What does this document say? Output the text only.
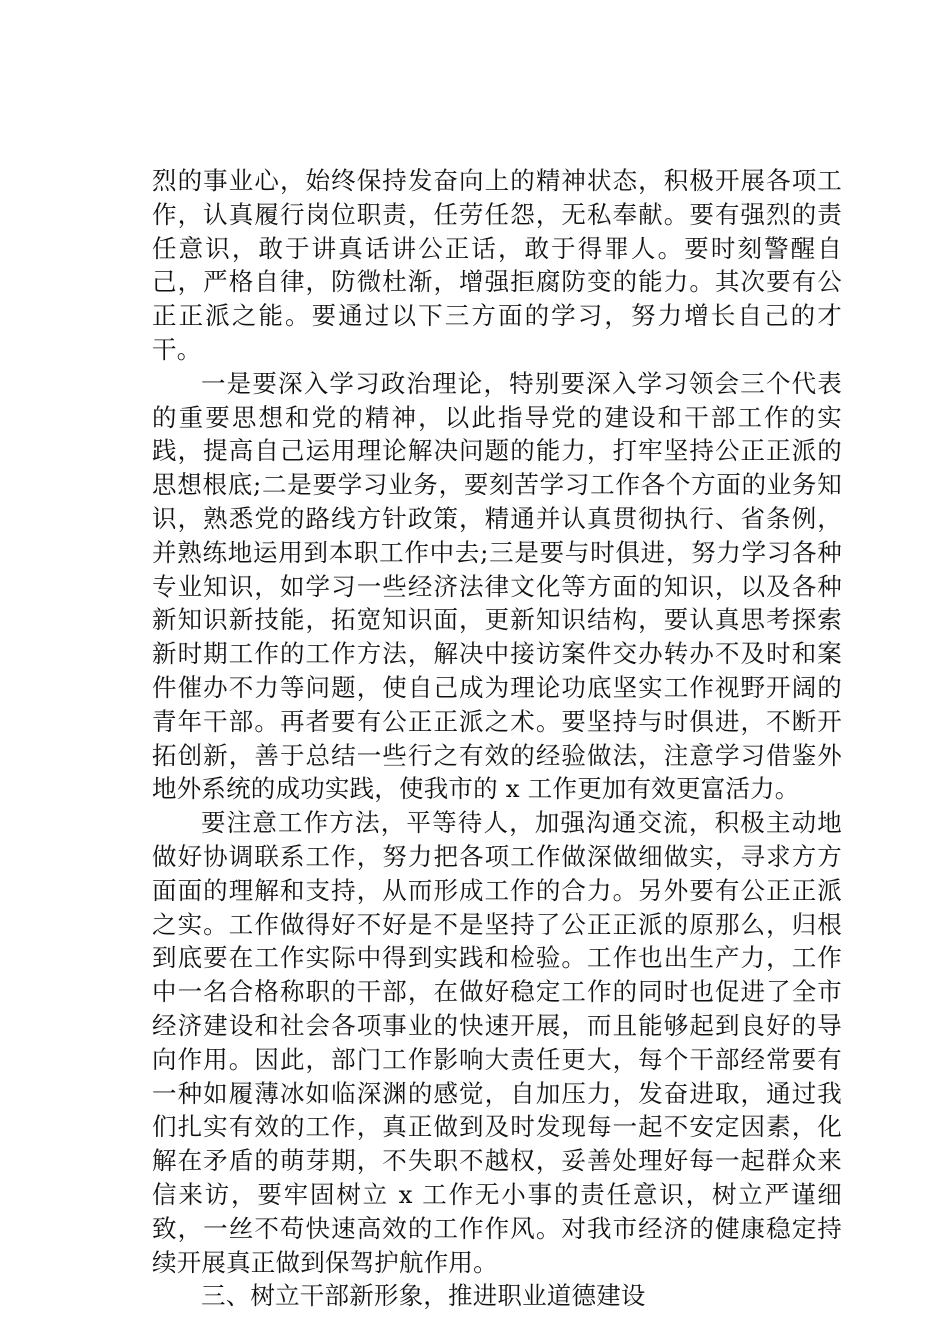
烈的事业心，始终保持发奋向上的精神状态，积极开展各项工作，认真履行岗位职责，任劳任怨，无私奉献。要有强烈的责任意识，敢于讲真话讲公正话，敢于得罪人。要时刻警醒自己，严格自律，防微杜渐，增强拒腐防变的能力。其次要有公正正派之能。要通过以下三方面的学习，努力增长自己的才干。

一是要深入学习政治理论，特别要深入学习领会三个代表的重要思想和党的精神，以此指导党的建设和干部工作的实践，提高自己运用理论解决问题的能力，打牢坚持公正正派的思想根底;二是要学习业务，要刻苦学习工作各个方面的业务知识，熟悉党的路线方针政策，精通并认真贯彻执行、省条例，并熟练地运用到本职工作中去;三是要与时俱进，努力学习各种专业知识，如学习一些经济法律文化等方面的知识，以及各种新知识新技能，拓宽知识面，更新知识结构，要认真思考探索新时期工作的工作方法，解决中接访案件交办转办不及时和案件催办不力等问题，使自己成为理论功底坚实工作视野开阔的青年干部。再者要有公正正派之术。要坚持与时俱进，不断开拓创新，善于总结一些行之有效的经验做法，注意学习借鉴外地外系统的成功实践，使我市的 x 工作更加有效更富活力。

要注意工作方法，平等待人，加强沟通交流，积极主动地做好协调联系工作，努力把各项工作做深做细做实，寻求方方面面的理解和支持，从而形成工作的合力。另外要有公正正派之实。工作做得好不好是不是坚持了公正正派的原那么，归根到底要在工作实际中得到实践和检验。工作也出生产力，工作中一名合格称职的干部，在做好稳定工作的同时也促进了全市经济建设和社会各项事业的快速开展，而且能够起到良好的导向作用。因此，部门工作影响大责任更大，每个干部经常要有一种如履薄冰如临深渊的感觉，自加压力，发奋进取，通过我们扎实有效的工作，真正做到及时发现每一起不安定因素，化解在矛盾的萌芽期，不失职不越权，妥善处理好每一起群众来信来访，要牢固树立 x 工作无小事的责任意识，树立严谨细致，一丝不苟快速高效的工作作风。对我市经济的健康稳定持续开展真正做到保驾护航作用。

三、树立干部新形象，推进职业道德建设
